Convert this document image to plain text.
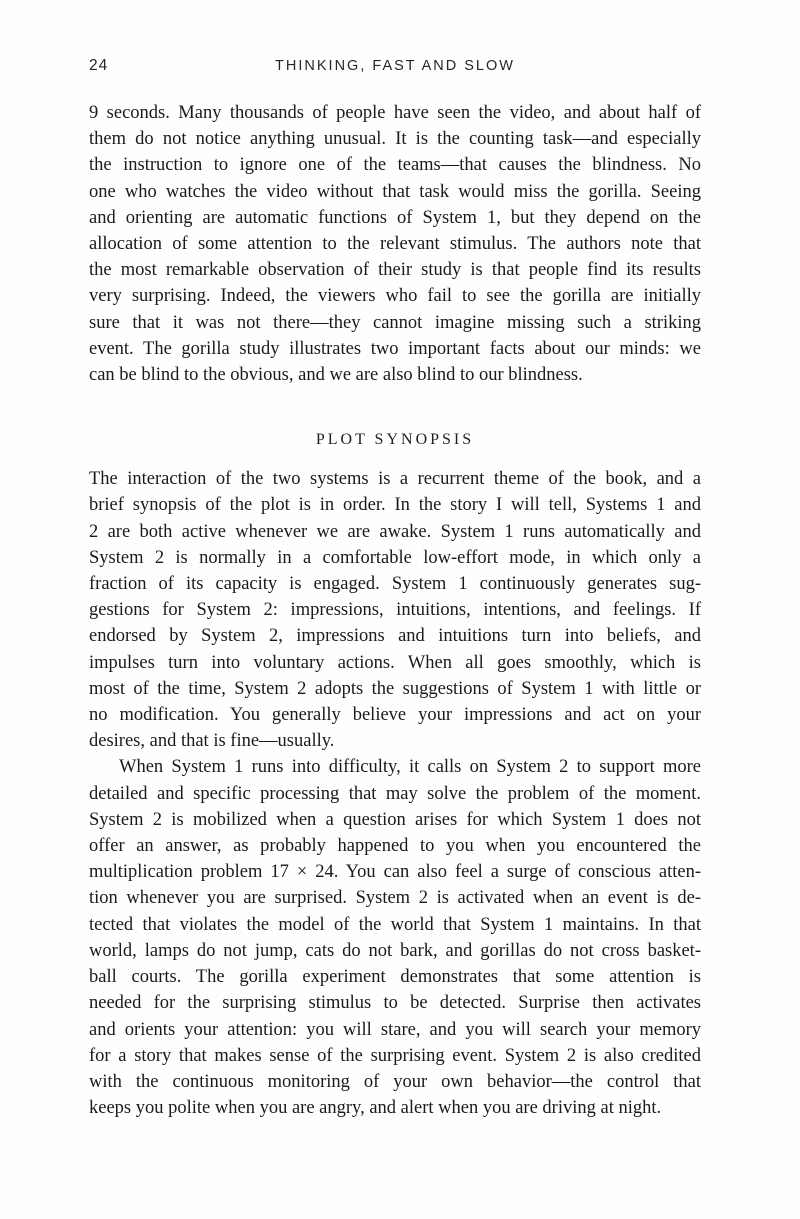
24	THINKING, FAST AND SLOW
9 seconds. Many thousands of people have seen the video, and about half of
them do not notice anything unusual. It is the counting task—and especially
the instruction to ignore one of the teams—that causes the blindness. No
one who watches the video without that task would miss the gorilla. Seeing
and orienting are automatic functions of System 1, but they depend on the
allocation of some attention to the relevant stimulus. The authors note that
the most remarkable observation of their study is that people find its results
very surprising. Indeed, the viewers who fail to see the gorilla are initially
sure that it was not there—they cannot imagine missing such a striking
event. The gorilla study illustrates two important facts about our minds: we
can be blind to the obvious, and we are also blind to our blindness.
PLOT SYNOPSIS
The interaction of the two systems is a recurrent theme of the book, and a
brief synopsis of the plot is in order. In the story I will tell, Systems 1 and
2 are both active whenever we are awake. System 1 runs automatically and
System 2 is normally in a comfortable low-effort mode, in which only a
fraction of its capacity is engaged. System 1 continuously generates sug-
gestions for System 2: impressions, intuitions, intentions, and feelings. If
endorsed by System 2, impressions and intuitions turn into beliefs, and
impulses turn into voluntary actions. When all goes smoothly, which is
most of the time, System 2 adopts the suggestions of System 1 with little or
no modification. You generally believe your impressions and act on your
desires, and that is fine—usually.
When System 1 runs into difficulty, it calls on System 2 to support more
detailed and specific processing that may solve the problem of the moment.
System 2 is mobilized when a question arises for which System 1 does not
offer an answer, as probably happened to you when you encountered the
multiplication problem 17 × 24. You can also feel a surge of conscious atten-
tion whenever you are surprised. System 2 is activated when an event is de-
tected that violates the model of the world that System 1 maintains. In that
world, lamps do not jump, cats do not bark, and gorillas do not cross basket-
ball courts. The gorilla experiment demonstrates that some attention is
needed for the surprising stimulus to be detected. Surprise then activates
and orients your attention: you will stare, and you will search your memory
for a story that makes sense of the surprising event. System 2 is also credited
with the continuous monitoring of your own behavior—the control that
keeps you polite when you are angry, and alert when you are driving at night.
